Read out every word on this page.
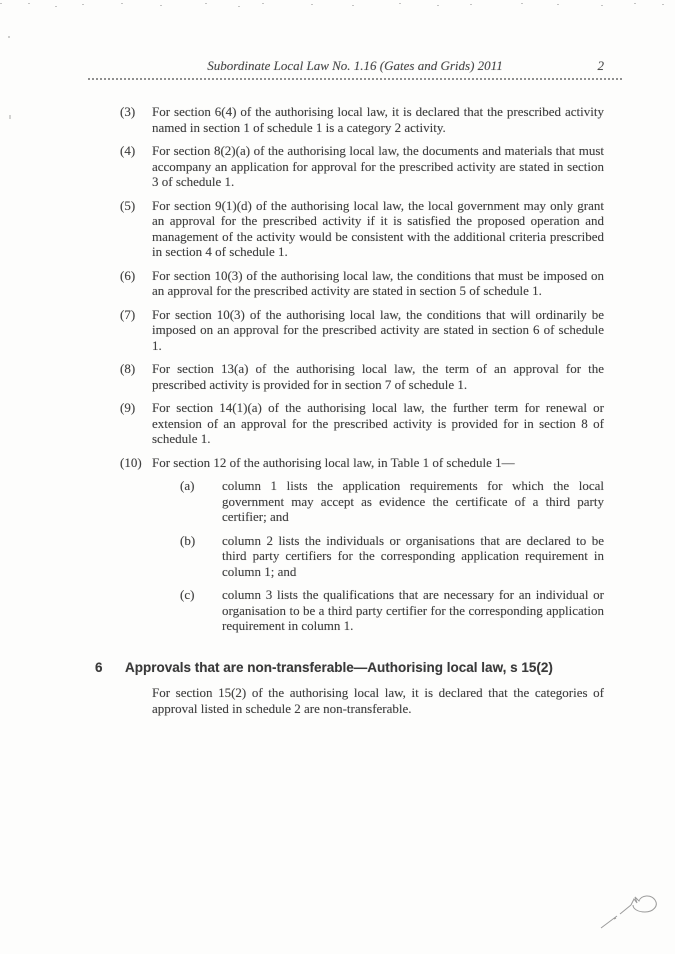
Subordinate Local Law No. 1.16 (Gates and Grids) 2011	2
(3)	For section 6(4) of the authorising local law, it is declared that the prescribed activity named in section 1 of schedule 1 is a category 2 activity.
(4)	For section 8(2)(a) of the authorising local law, the documents and materials that must accompany an application for approval for the prescribed activity are stated in section 3 of schedule 1.
(5)	For section 9(1)(d) of the authorising local law, the local government may only grant an approval for the prescribed activity if it is satisfied the proposed operation and management of the activity would be consistent with the additional criteria prescribed in section 4 of schedule 1.
(6)	For section 10(3) of the authorising local law, the conditions that must be imposed on an approval for the prescribed activity are stated in section 5 of schedule 1.
(7)	For section 10(3) of the authorising local law, the conditions that will ordinarily be imposed on an approval for the prescribed activity are stated in section 6 of schedule 1.
(8)	For section 13(a) of the authorising local law, the term of an approval for the prescribed activity is provided for in section 7 of schedule 1.
(9)	For section 14(1)(a) of the authorising local law, the further term for renewal or extension of an approval for the prescribed activity is provided for in section 8 of schedule 1.
(10) For section 12 of the authorising local law, in Table 1 of schedule 1—
(a)	column 1 lists the application requirements for which the local government may accept as evidence the certificate of a third party certifier; and
(b)	column 2 lists the individuals or organisations that are declared to be third party certifiers for the corresponding application requirement in column 1; and
(c)	column 3 lists the qualifications that are necessary for an individual or organisation to be a third party certifier for the corresponding application requirement in column 1.
6	Approvals that are non-transferable—Authorising local law, s 15(2)
For section 15(2) of the authorising local law, it is declared that the categories of approval listed in schedule 2 are non-transferable.
